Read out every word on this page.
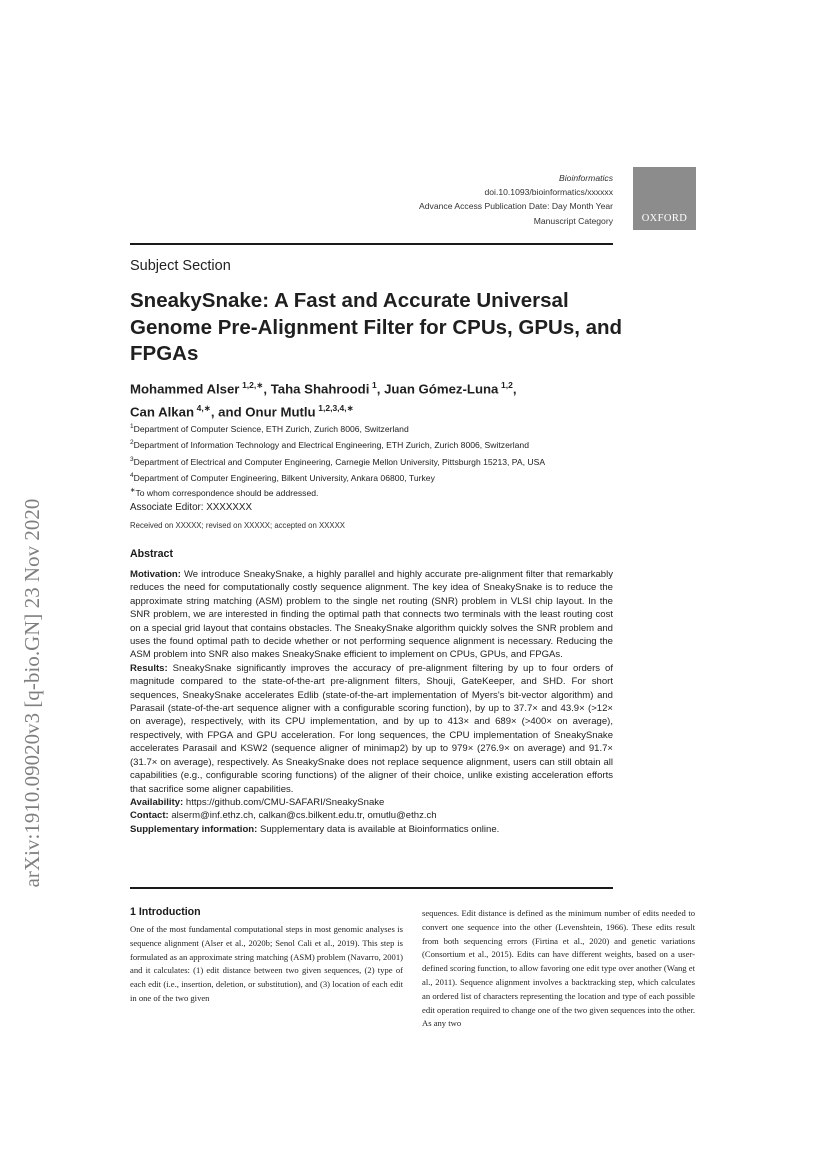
arXiv:1910.09020v3 [q-bio.GN] 23 Nov 2020
Bioinformatics
doi.10.1093/bioinformatics/xxxxxx
Advance Access Publication Date: Day Month Year
Manuscript Category	OXFORD
Subject Section
SneakySnake: A Fast and Accurate Universal Genome Pre-Alignment Filter for CPUs, GPUs, and FPGAs
Mohammed Alser  $^{1,2,∗}$, Taha Shahroodi  $^1$, Juan Gómez-Luna  $^{1,2}$,
Can Alkan  $^{4,∗}$, and Onur Mutlu  $^{1,2,3,4,∗}$
$^1$Department of Computer Science, ETH Zurich, Zurich 8006, Switzerland
$^2$Department of Information Technology and Electrical Engineering, ETH Zurich, Zurich 8006, Switzerland
$^3$Department of Electrical and Computer Engineering, Carnegie Mellon University, Pittsburgh 15213, PA, USA
$^4$Department of Computer Engineering, Bilkent University, Ankara 06800, Turkey
∗To whom correspondence should be addressed.
Associate Editor: XXXXXXX
Received on XXXXX; revised on XXXXX; accepted on XXXXX
Abstract

Motivation: We introduce SneakySnake, a highly parallel and highly accurate pre-alignment filter that remarkably reduces the need for computationally costly sequence alignment. The key idea of SneakySnake is to reduce the approximate string matching (ASM) problem to the single net routing (SNR) problem in VLSI chip layout. In the SNR problem, we are interested in finding the optimal path that connects two terminals with the least routing cost on a special grid layout that contains obstacles. The SneakySnake algorithm quickly solves the SNR problem and uses the found optimal path to decide whether or not performing sequence alignment is necessary. Reducing the ASM problem into SNR also makes SneakySnake efficient to implement on CPUs, GPUs, and FPGAs.

Results: SneakySnake significantly improves the accuracy of pre-alignment filtering by up to four orders of magnitude compared to the state-of-the-art pre-alignment filters, Shouji, GateKeeper, and SHD. For short sequences, SneakySnake accelerates Edlib (state-of-the-art implementation of Myers's bit-vector algorithm) and Parasail (state-of-the-art sequence aligner with a configurable scoring function), by up to 37.7× and 43.9× (>12× on average), respectively, with its CPU implementation, and by up to 413× and 689× (>400× on average), respectively, with FPGA and GPU acceleration. For long sequences, the CPU implementation of SneakySnake accelerates Parasail and KSW2 (sequence aligner of minimap2) by up to 979× (276.9× on average) and 91.7× (31.7× on average), respectively. As SneakySnake does not replace sequence alignment, users can still obtain all capabilities (e.g., configurable scoring functions) of the aligner of their choice, unlike existing acceleration efforts that sacrifice some aligner capabilities.

Availability: https://github.com/CMU-SAFARI/SneakySnake

Contact: alserm@inf.ethz.ch, calkan@cs.bilkent.edu.tr, omutlu@ethz.ch

Supplementary information: Supplementary data is available at Bioinformatics online.

1 Introduction

One of the most fundamental computational steps in most genomic analyses is sequence alignment (Alser et al., 2020b; Senol Cali et al., 2019). This step is formulated as an approximate string matching (ASM) problem (Navarro, 2001) and it calculates: (1) edit distance between two given sequences, (2) type of each edit (i.e., insertion, deletion, or substitution), and (3) location of each edit in one of the two given

sequences. Edit distance is defined as the minimum number of edits needed to convert one sequence into the other (Levenshtein, 1966). These edits result from both sequencing errors (Firtina et al., 2020) and genetic variations (Consortium et al., 2015). Edits can have different weights, based on a user-defined scoring function, to allow favoring one edit type over another (Wang et al., 2011). Sequence alignment involves a backtracking step, which calculates an ordered list of characters representing the location and type of each possible edit operation required to change one of the two given sequences into the other. As any two
